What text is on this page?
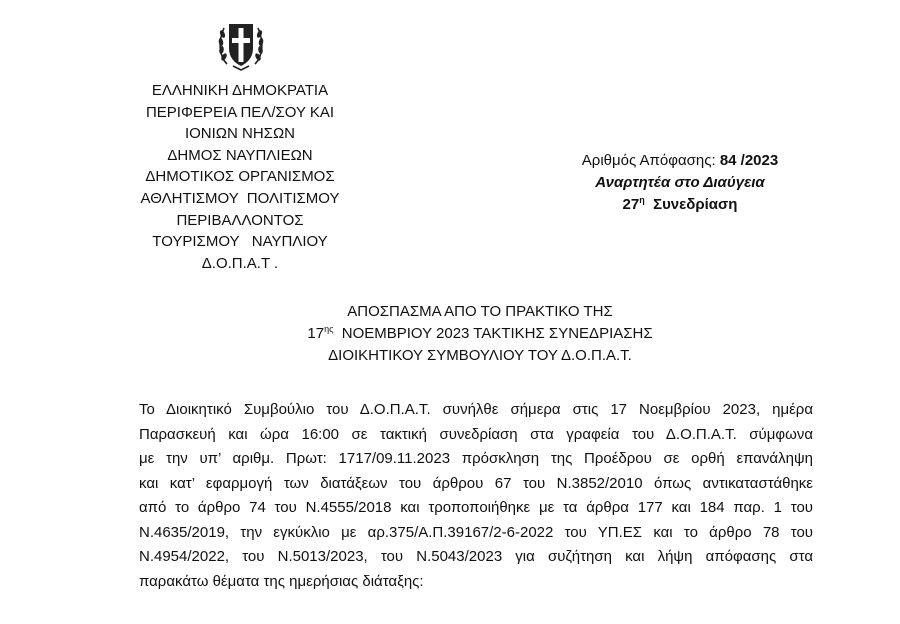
ΕΛΛΗΝΙΚΗ ΔΗΜΟΚΡΑΤΙΑ
ΠΕΡΙΦΕΡΕΙΑ ΠΕΛ/ΣΟΥ ΚΑΙ
ΙΟΝΙΩΝ ΝΗΣΩΝ
ΔΗΜΟΣ ΝΑΥΠΛΙΕΩΝ
ΔΗΜΟΤΙΚΟΣ ΟΡΓΑΝΙΣΜΟΣ
ΑΘΛΗΤΙΣΜΟΥ  ΠΟΛΙΤΙΣΜΟΥ
ΠΕΡΙΒΑΛΛΟΝΤΟΣ
ΤΟΥΡΙΣΜΟΥ   ΝΑΥΠΛΙΟΥ
Δ.Ο.Π.Α.Τ .
Αριθμός Απόφασης: 84 /2023
Αναρτητέα στο Διαύγεια
$27^\eta$  Συνεδρίαση
ΑΠΟΣΠΑΣΜΑ ΑΠΟ ΤΟ ΠΡΑΚΤΙΚΟ ΤΗΣ
$17^{\eta\varsigma}$  ΝΟΕΜΒΡΙΟΥ 2023 ΤΑΚΤΙΚΗΣ ΣΥΝΕΔΡΙΑΣΗΣ
ΔΙΟΙΚΗΤΙΚΟΥ ΣΥΜΒΟΥΛΙΟΥ ΤΟΥ Δ.Ο.Π.Α.Τ.
Το Διοικητικό Συμβούλιο του Δ.Ο.Π.Α.Τ. συνήλθε σήμερα στις 17 Νοεμβρίου 2023, ημέρα
Παρασκευή και ώρα 16:00 σε τακτική συνεδρίαση στα γραφεία του Δ.Ο.Π.Α.Τ. σύμφωνα
με την υπ’ αριθμ. Πρωτ: 1717/09.11.2023 πρόσκληση της Προέδρου σε ορθή επανάληψη
και κατ’ εφαρμογή των διατάξεων του άρθρου 67 του Ν.3852/2010 όπως αντικαταστάθηκε
από το άρθρο 74 του Ν.4555/2018 και τροποποιήθηκε με τα άρθρα 177 και 184 παρ. 1 του
Ν.4635/2019, την εγκύκλιο με αρ.375/Α.Π.39167/2-6-2022 του ΥΠ.ΕΣ και το άρθρο 78 του
Ν.4954/2022, του Ν.5013/2023, του Ν.5043/2023 για συζήτηση και λήψη απόφασης στα
παρακάτω θέματα της ημερήσιας διάταξης:
